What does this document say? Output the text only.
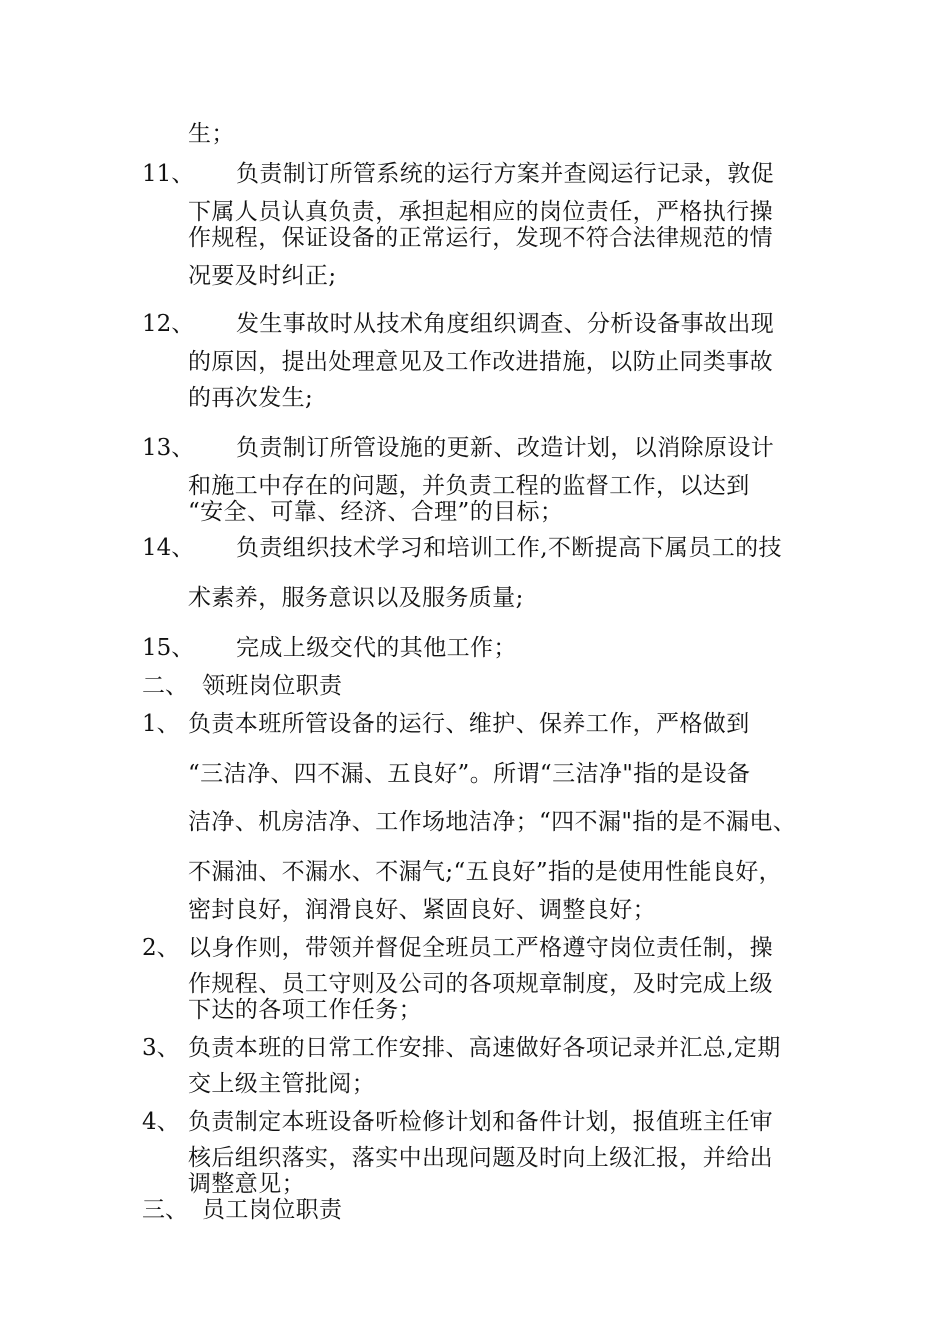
生；
11、 负责制订所管系统的运行方案并查阅运行记录，敦促
下属人员认真负责，承担起相应的岗位责任，严格执行操
作规程，保证设备的正常运行，发现不符合法律规范的情
况要及时纠正;
12、 发生事故时从技术角度组织调查、分析设备事故出现
的原因，提出处理意见及工作改进措施，以防止同类事故
的再次发生;
13、 负责制订所管设施的更新、改造计划，以消除原设计
和施工中存在的问题，并负责工程的监督工作，以达到
“安全、可靠、经济、合理”的目标；
14、 负责组织技术学习和培训工作,不断提高下属员工的技
术素养，服务意识以及服务质量;
15、 完成上级交代的其他工作；
二、 领班岗位职责
1、 负责本班所管设备的运行、维护、保养工作，严格做到
“三洁净、四不漏、五良好”。所谓“三洁净"指的是设备
洁净、机房洁净、工作场地洁净；“四不漏"指的是不漏电、
不漏油、不漏水、不漏气;“五良好”指的是使用性能良好，
密封良好，润滑良好、紧固良好、调整良好；
2、 以身作则，带领并督促全班员工严格遵守岗位责任制，操
作规程、员工守则及公司的各项规章制度，及时完成上级
下达的各项工作任务；
3、 负责本班的日常工作安排、高速做好各项记录并汇总,定期
交上级主管批阅；
4、 负责制定本班设备听检修计划和备件计划，报值班主任审
核后组织落实，落实中出现问题及时向上级汇报，并给出
调整意见；
三、 员工岗位职责
